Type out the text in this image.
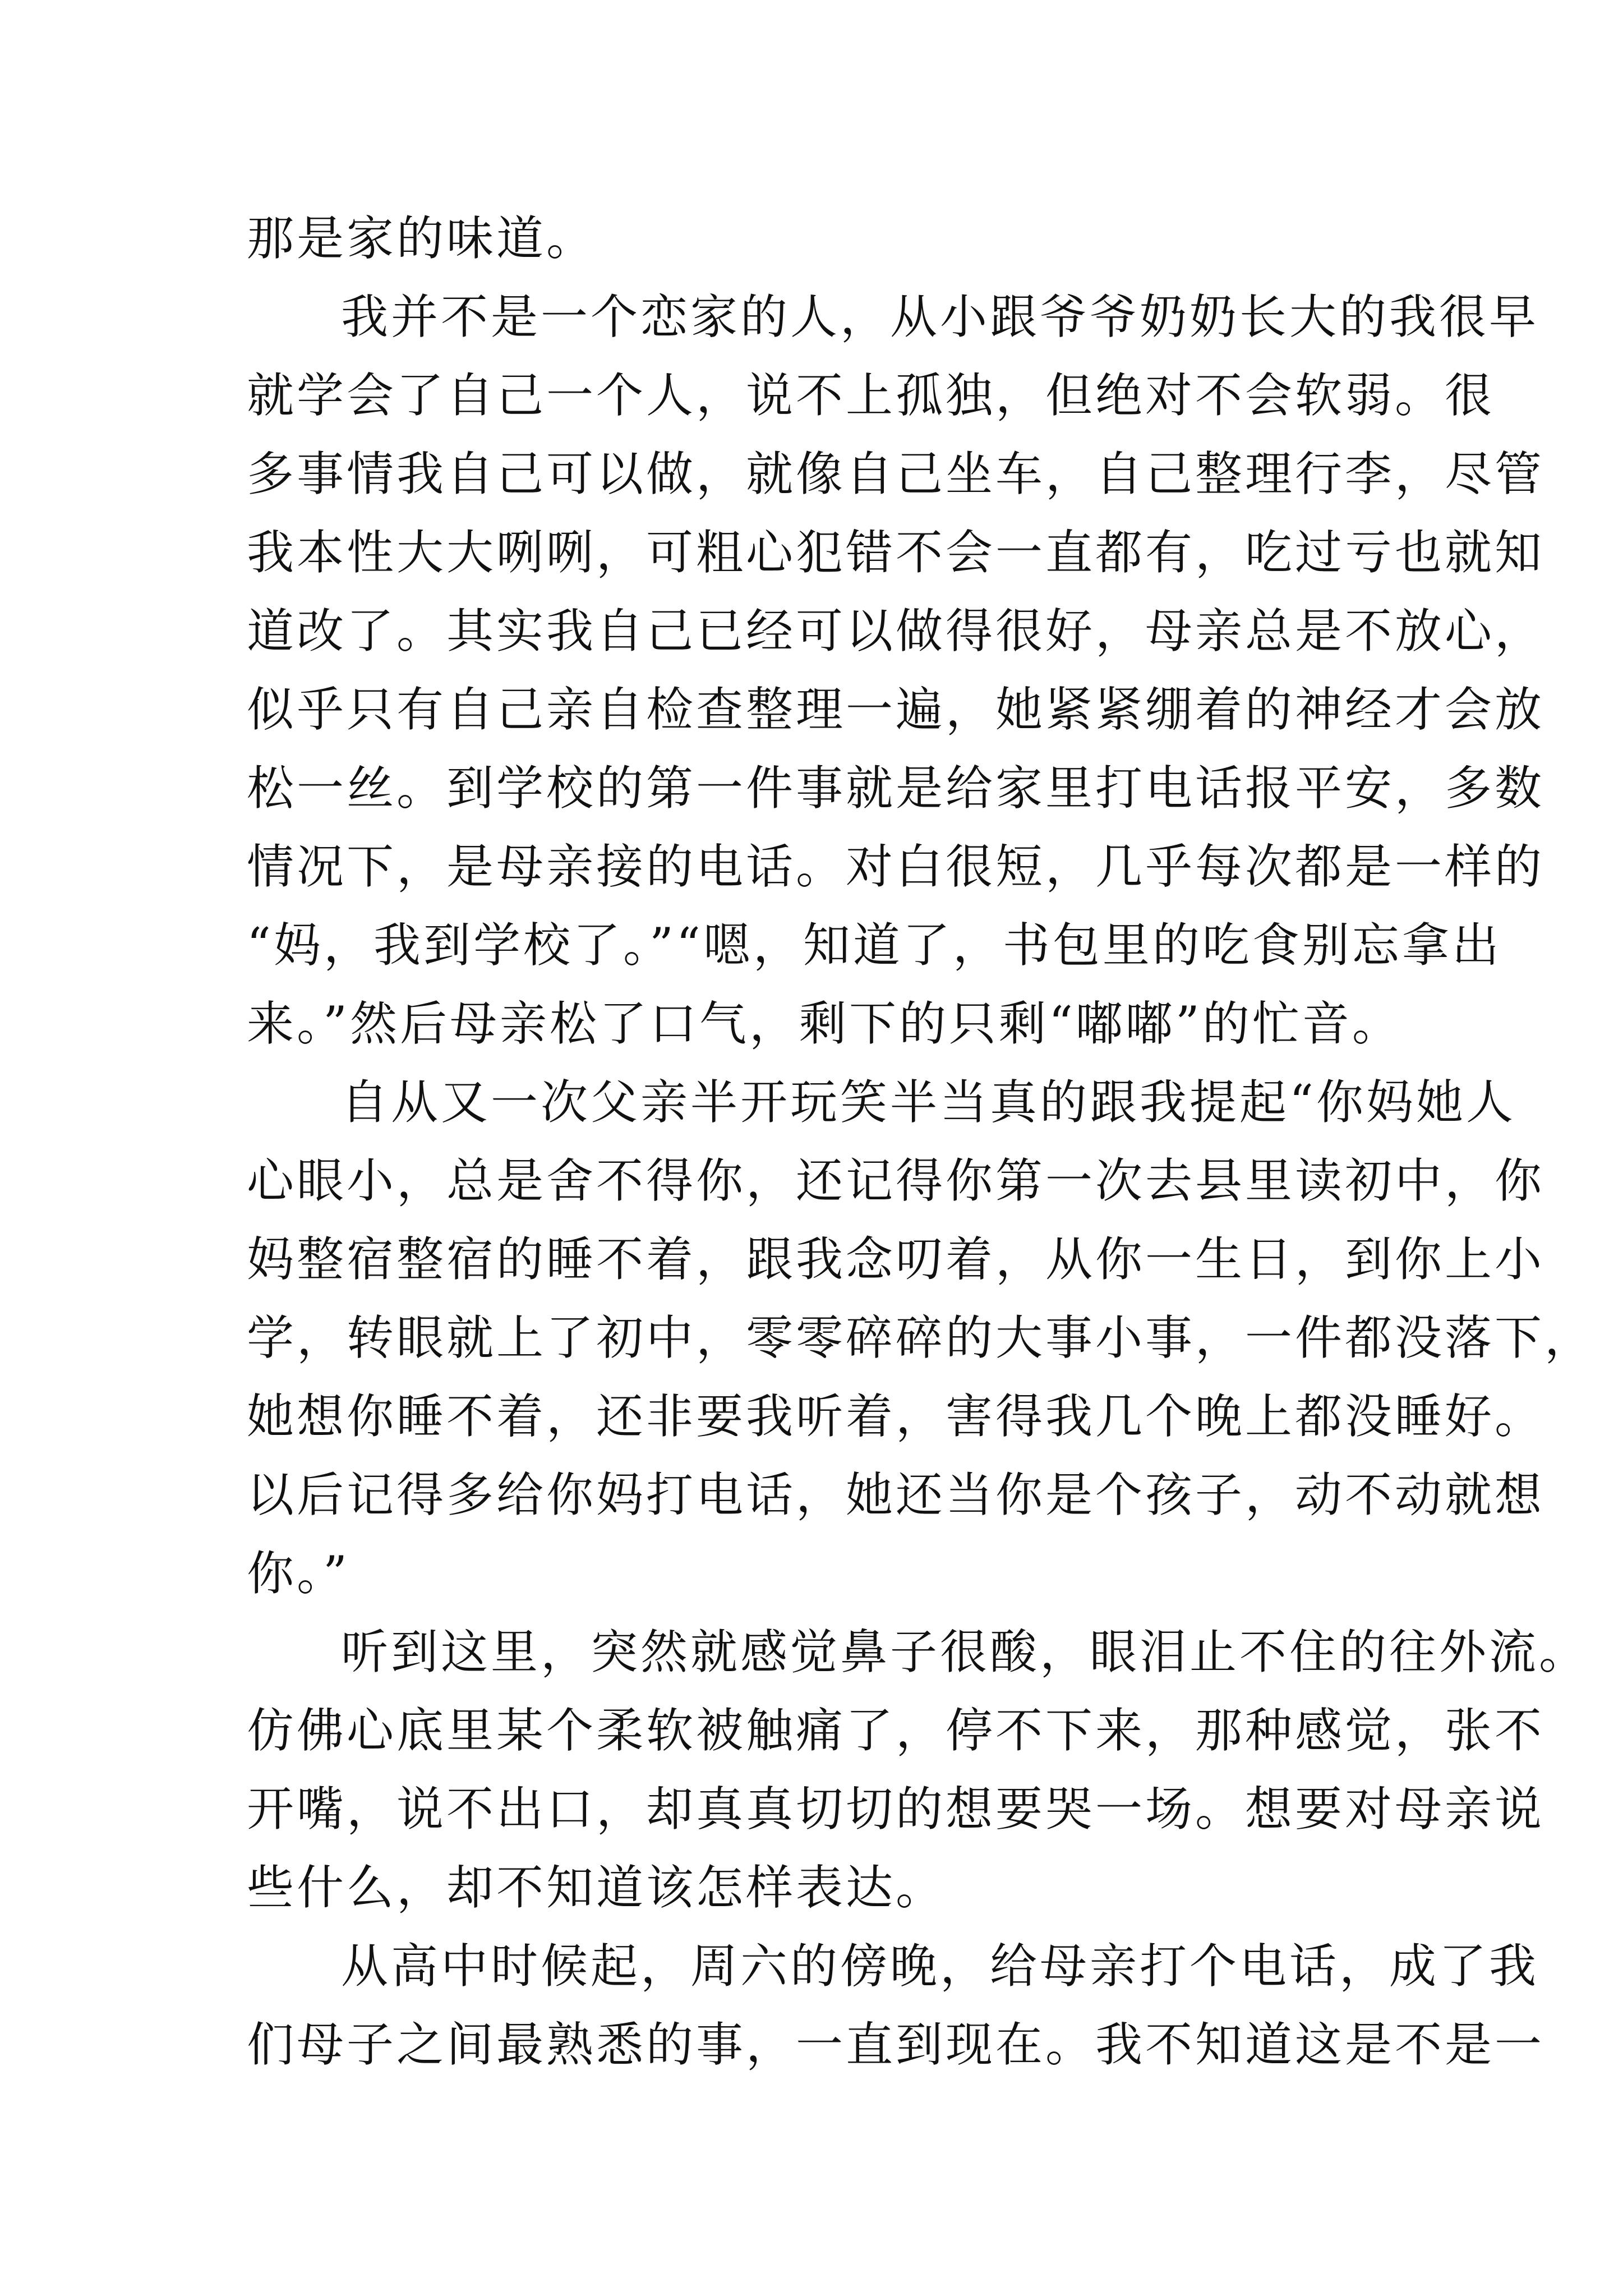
那是家的味道。
我并不是一个恋家的人，从小跟爷爷奶奶长大的我很早
就学会了自己一个人，说不上孤独，但绝对不会软弱。很
多事情我自己可以做，就像自己坐车，自己整理行李，尽管
我本性大大咧咧，可粗心犯错不会一直都有，吃过亏也就知
道改了。其实我自己已经可以做得很好，母亲总是不放心，
似乎只有自己亲自检查整理一遍，她紧紧绷着的神经才会放
松一丝。到学校的第一件事就是给家里打电话报平安，多数
情况下，是母亲接的电话。对白很短，几乎每次都是一样的
“妈，我到学校了。”“嗯，知道了，书包里的吃食别忘拿出
来。”然后母亲松了口气，剩下的只剩“嘟嘟”的忙音。
自从又一次父亲半开玩笑半当真的跟我提起“你妈她人
心眼小，总是舍不得你，还记得你第一次去县里读初中，你
妈整宿整宿的睡不着，跟我念叨着，从你一生日，到你上小
学，转眼就上了初中，零零碎碎的大事小事，一件都没落下，
她想你睡不着，还非要我听着，害得我几个晚上都没睡好。
以后记得多给你妈打电话，她还当你是个孩子，动不动就想
你。”
听到这里，突然就感觉鼻子很酸，眼泪止不住的往外流。
仿佛心底里某个柔软被触痛了，停不下来，那种感觉，张不
开嘴，说不出口，却真真切切的想要哭一场。想要对母亲说
些什么，却不知道该怎样表达。
从高中时候起，周六的傍晚，给母亲打个电话，成了我
们母子之间最熟悉的事，一直到现在。我不知道这是不是一
